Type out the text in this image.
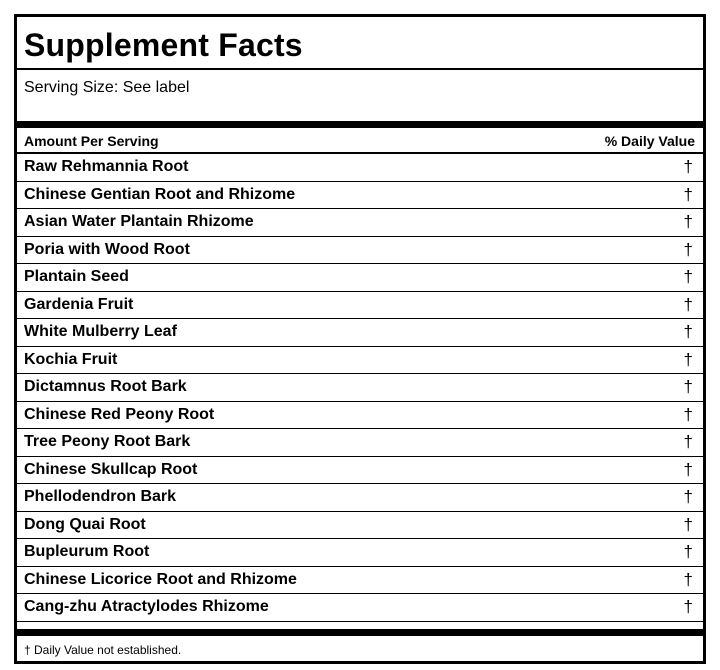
Supplement Facts
Serving Size: See label
Amount Per Serving	% Daily Value
Raw Rehmannia Root	†
Chinese Gentian Root and Rhizome	†
Asian Water Plantain Rhizome	†
Poria with Wood Root	†
Plantain Seed	†
Gardenia Fruit	†
White Mulberry Leaf	†
Kochia Fruit	†
Dictamnus Root Bark	†
Chinese Red Peony Root	†
Tree Peony Root Bark	†
Chinese Skullcap Root	†
Phellodendron Bark	†
Dong Quai Root	†
Bupleurum Root	†
Chinese Licorice Root and Rhizome	†
Cang-zhu Atractylodes Rhizome	†
† Daily Value not established.
